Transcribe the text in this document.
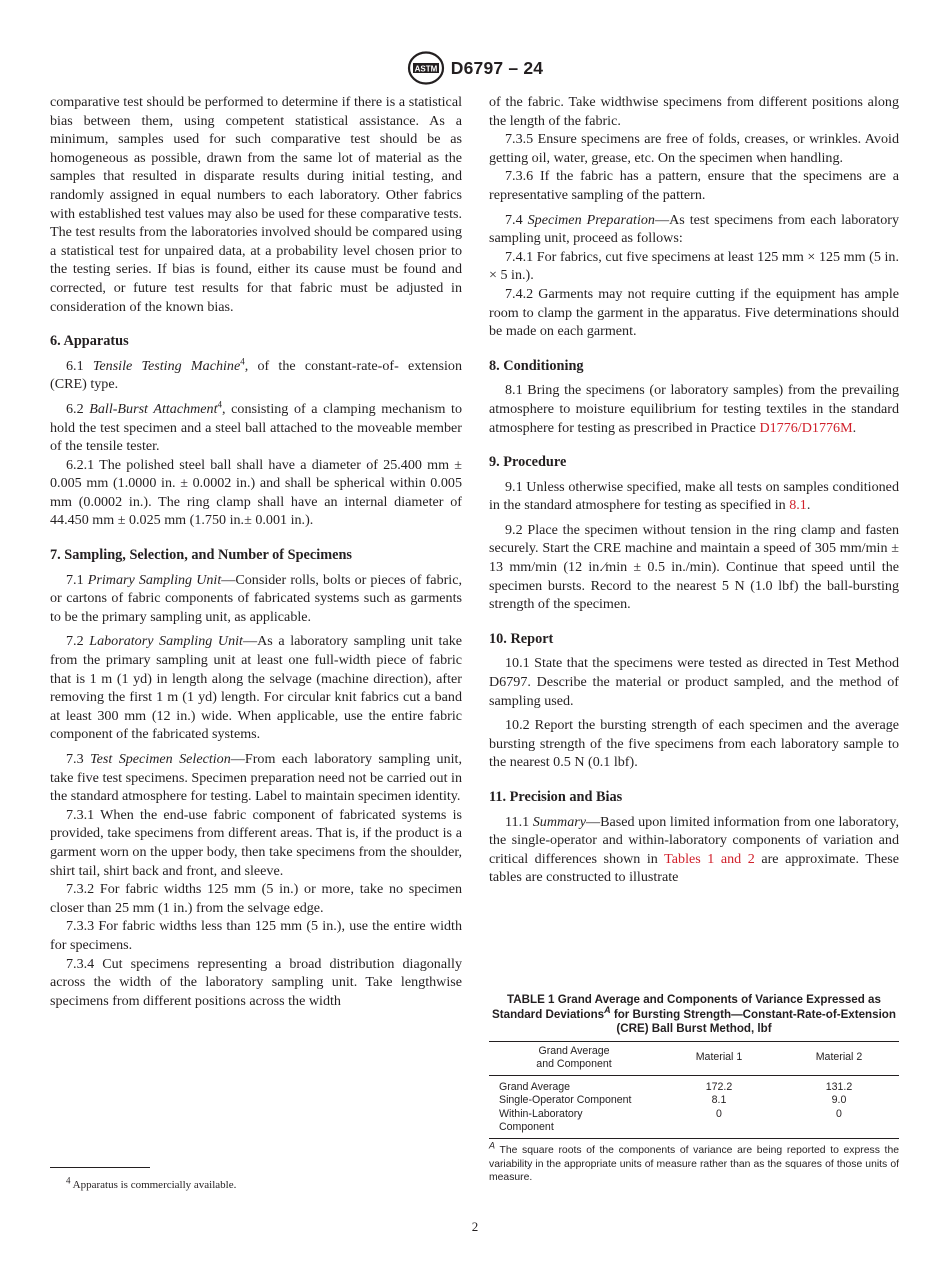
ASTM D6797 – 24

comparative test should be performed to determine if there is a statistical bias between them, using competent statistical assistance. As a minimum, samples used for such comparative test should be as homogeneous as possible, drawn from the same lot of material as the samples that resulted in disparate results during initial testing, and randomly assigned in equal numbers to each laboratory. Other fabrics with established test values may also be used for these comparative tests. The test results from the laboratories involved should be compared using a statistical test for unpaired data, at a probability level chosen prior to the testing series. If bias is found, either its cause must be found and corrected, or future test results for that fabric must be adjusted in consideration of the known bias.

6. Apparatus

6.1 Tensile Testing Machine$^4$, of the constant-rate-of- extension (CRE) type.

6.2 Ball-Burst Attachment$^4$, consisting of a clamping mechanism to hold the test specimen and a steel ball attached to the moveable member of the tensile tester.

6.2.1 The polished steel ball shall have a diameter of 25.400 mm ± 0.005 mm (1.0000 in. ± 0.0002 in.) and shall be spherical within 0.005 mm (0.0002 in.). The ring clamp shall have an internal diameter of 44.450 mm ± 0.025 mm (1.750 in.± 0.001 in.).

7. Sampling, Selection, and Number of Specimens

7.1 Primary Sampling Unit—Consider rolls, bolts or pieces of fabric, or cartons of fabric components of fabricated systems such as garments to be the primary sampling unit, as applicable.

7.2 Laboratory Sampling Unit—As a laboratory sampling unit take from the primary sampling unit at least one full-width piece of fabric that is 1 m (1 yd) in length along the selvage (machine direction), after removing the first 1 m (1 yd) length. For circular knit fabrics cut a band at least 300 mm (12 in.) wide. When applicable, use the entire fabric component of the fabricated systems.

7.3 Test Specimen Selection—From each laboratory sampling unit, take five test specimens. Specimen preparation need not be carried out in the standard atmosphere for testing. Label to maintain specimen identity.

7.3.1 When the end-use fabric component of fabricated systems is provided, take specimens from different areas. That is, if the product is a garment worn on the upper body, then take specimens from the shoulder, shirt tail, shirt back and front, and sleeve.

7.3.2 For fabric widths 125 mm (5 in.) or more, take no specimen closer than 25 mm (1 in.) from the selvage edge.

7.3.3 For fabric widths less than 125 mm (5 in.), use the entire width for specimens.

7.3.4 Cut specimens representing a broad distribution diagonally across the width of the laboratory sampling unit. Take lengthwise specimens from different positions across the width

of the fabric. Take widthwise specimens from different positions along the length of the fabric.

7.3.5 Ensure specimens are free of folds, creases, or wrinkles. Avoid getting oil, water, grease, etc. On the specimen when handling.

7.3.6 If the fabric has a pattern, ensure that the specimens are a representative sampling of the pattern.

7.4 Specimen Preparation—As test specimens from each laboratory sampling unit, proceed as follows:

7.4.1 For fabrics, cut five specimens at least 125 mm × 125 mm (5 in. × 5 in.).

7.4.2 Garments may not require cutting if the equipment has ample room to clamp the garment in the apparatus. Five determinations should be made on each garment.

8. Conditioning

8.1 Bring the specimens (or laboratory samples) from the prevailing atmosphere to moisture equilibrium for testing textiles in the standard atmosphere for testing as prescribed in Practice D1776/D1776M.

9. Procedure

9.1 Unless otherwise specified, make all tests on samples conditioned in the standard atmosphere for testing as specified in 8.1.

9.2 Place the specimen without tension in the ring clamp and fasten securely. Start the CRE machine and maintain a speed of 305 mm/min ± 13 mm/min (12 in.⁄min ± 0.5 in./min). Continue that speed until the specimen bursts. Record to the nearest 5 N (1.0 lbf) the ball-bursting strength of the specimen.

10. Report

10.1 State that the specimens were tested as directed in Test Method D6797. Describe the material or product sampled, and the method of sampling used.

10.2 Report the bursting strength of each specimen and the average bursting strength of the five specimens from each laboratory sample to the nearest 0.5 N (0.1 lbf).

11. Precision and Bias

11.1 Summary—Based upon limited information from one laboratory, the single-operator and within-laboratory components of variation and critical differences shown in Tables 1 and 2 are approximate. These tables are constructed to illustrate

TABLE 1 Grand Average and Components of Variance Expressed as Standard Deviations$^A$ for Bursting Strength—Constant-Rate-of-Extension (CRE) Ball Burst Method, lbf

Grand Average
and Component	Material 1	Material 2
Grand Average	172.2	131.2
Single-Operator Component	8.1	9.0
Within-Laboratory	0	0
Component		

$^A$ The square roots of the components of variance are being reported to express the variability in the appropriate units of measure rather than as the squares of those units of measure.

$^4$ Apparatus is commercially available.
2
